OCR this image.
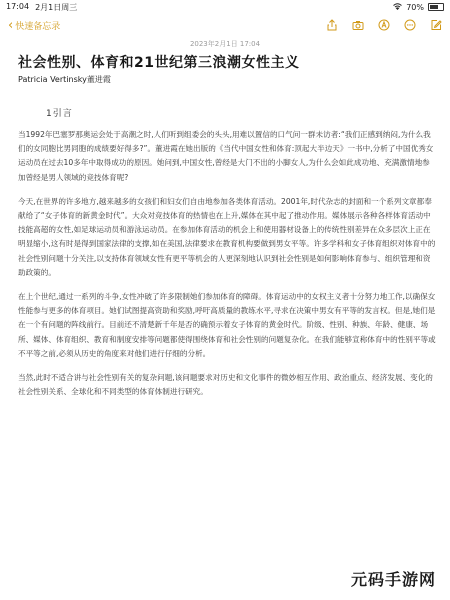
17:04 2月1日周三	70%
‹ 快速备忘录
2023年2月1日 17:04
社会性别、体育和21世纪第三浪潮女性主义
Patricia Vertinsky董进霞
1引言

当1992年巴塞罗那奥运会处于高潮之时,人们听到组委会的头头,用难以置信的口气问一群未访者:“我们正感到纳闷,为什么我们的女同胞比男同胞的成绩要好得多?”。董进霞在她出版的《当代中国女性和体育:顶起大半边天》一书中,分析了中国优秀女运动员在过去10多年中取得成功的原因。她问到,中国女性,曾经是大门不出的小脚女人,为什么会如此成功地、充满激情地参加曾经是男人领域的竞技体育呢?

今天,在世界的许多地方,越来越多的女孩们和妇女们自由地参加各类体育活动。2001年,时代杂志的封面和一个系列文章都奉献给了“女子体育的新黄金时代”。大众对竞技体育的热情也在上升,媒体在其中起了推动作用。媒体展示各种各样体育活动中技能高超的女性,如足球运动员和游泳运动员。在参加体育活动的机会上和使用器材设备上的传统性别差异在众多层次上正在明显缩小,这有时是得到国家法律的支撑,如在美国,法律要求在教育机构要做到男女平等。许多学科和女子体育组织对体育中的社会性别问题十分关注,以支持体育领域女性有更平等机会的人更深刻地认识到社会性别是如何影响体育参与、组织管理和资助政策的。

在上个世纪,通过一系列的斗争,女性冲破了许多限制她们参加体育的障碍。体育运动中的女权主义者十分努力地工作,以确保女性能参与更多的体育项目。她们试图提高资助和奖励,呼吁高质量的教练水平,寻求在决策中男女有平等的发言权。但是,她们是在一个有问题的阵线前行。目前还不清楚新千年是否的确预示着女子体育的黄金时代。阶级、性别、种族、年龄、健康、场所、媒体、体育组织、教育和制度安排等问题都使得围绕体育和社会性别的问题复杂化。在我们能够宣称体育中的性别平等或不平等之前,必须从历史的角度来对他们进行仔细的分析。

当然,此时不适合讲与社会性别有关的复杂问题,该问题要求对历史和文化事件的微妙相互作用、政治重点、经济发展、变化的社会性别关系、全球化和不同类型的体育体制进行研究。

元码手游网
